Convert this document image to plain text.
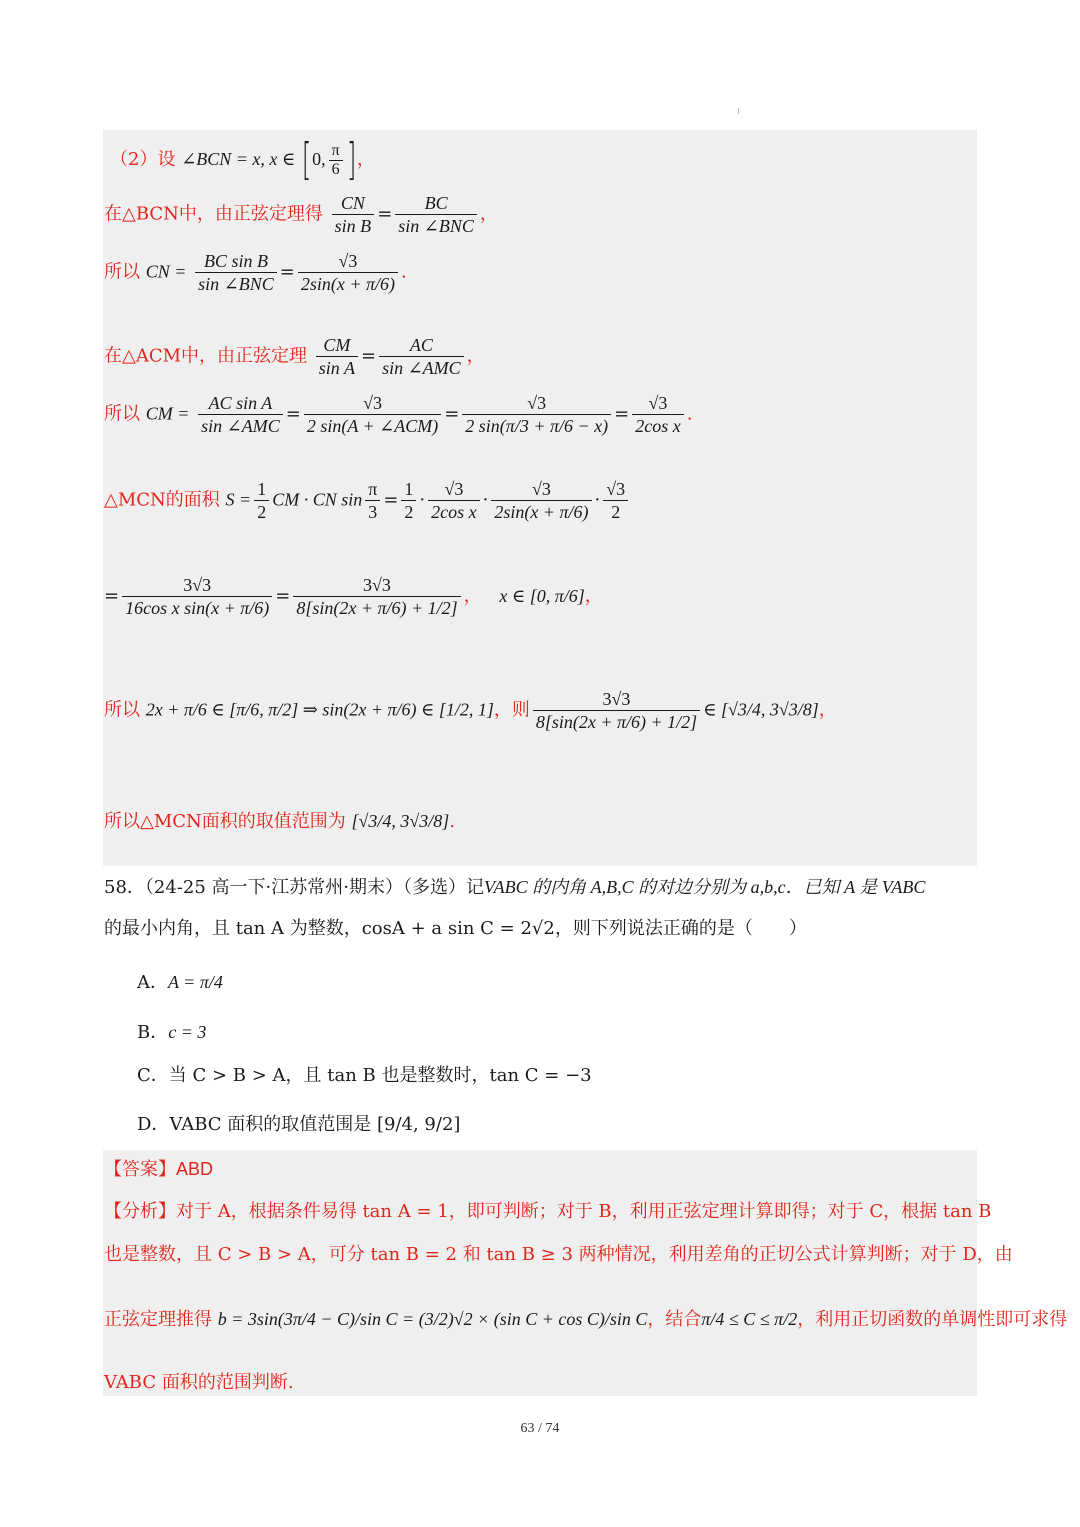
（2）设 ∠BCN = x, x ∈ [0, $\frac{\pi}{6}$ ]，
在△BCN中，由正弦定理得 $\frac{CN}{\text{sin B}} = \frac{BC}{\text{sin ∠BNC}}$ ，
所以 CN = $\frac{\text{BC sin B}}{\text{sin ∠BNC}} = \frac{√3}{2\sin(x + \pi/6)}$ .
在△ACM中，由正弦定理 $\frac{CM}{\text{sin A}} = \frac{AC}{\text{sin ∠AMC}}$ ，
所以 CM = $\frac{\text{AC sin A}}{\text{sin ∠AMC}} = \frac{√3}{\text{2 sin(A + ∠ACM)}} = \frac{√3}{2 \sin(\pi/3 + \pi/6 - x)} = \frac{√3}{\text{2cos x}}$ .
△MCN的面积 $S = \frac{1}{2}$ CM · CN $\sin \frac{\pi}{3} = \frac{1}{2} \cdot \frac{√3}{\text{2cos x}} \cdot \frac{√3}{2\sin(x + \pi/6)} \cdot \frac{√3}{2}$
= $\frac{3√3}{\text{16cos x sin(x + π/6)}} = \frac{3√3}{8[\sin(2x + \pi/6) + 1/2]}$ ， x ∈ [0, π/6]，
所以 2x + π/6 ∈ [π/6, π/2] ⇒ sin(2x + π/6) ∈ [1/2, 1]，则 $\frac{3√3}{8[\sin(2x + \pi/6) + 1/2]}$ ∈ [√3/4, 3√3/8]，
所以△MCN面积的取值范围为 [√3/4, 3√3/8].
58．（24-25 高一下·江苏常州·期末）（多选）记VABC 的内角 A,B,C 的对边分别为 a,b,c．已知 A 是 VABC
的最小内角，且 tan A 为整数，cosA + a sin C = 2√2，则下列说法正确的是（　　）
A．A = π/4
B．c = 3
C．当 C > B > A，且 tan B 也是整数时，tan C = −3
D．VABC 面积的取值范围是 [9/4, 9/2]
【答案】ABD
【分析】对于 A，根据条件易得 tan A = 1，即可判断；对于 B，利用正弦定理计算即得；对于 C，根据 tan B
也是整数，且 C > B > A，可分 tan B = 2 和 tan B ≥ 3 两种情况，利用差角的正切公式计算判断；对于 D，由
正弦定理推得 b = 3sin(3π/4 − C)/sin C = (3/2)√2 × (sin C + cos C)/sin C，结合π/4 ≤ C ≤ π/2，利用正切函数的单调性即可求得
VABC 面积的范围判断.
63 / 74
